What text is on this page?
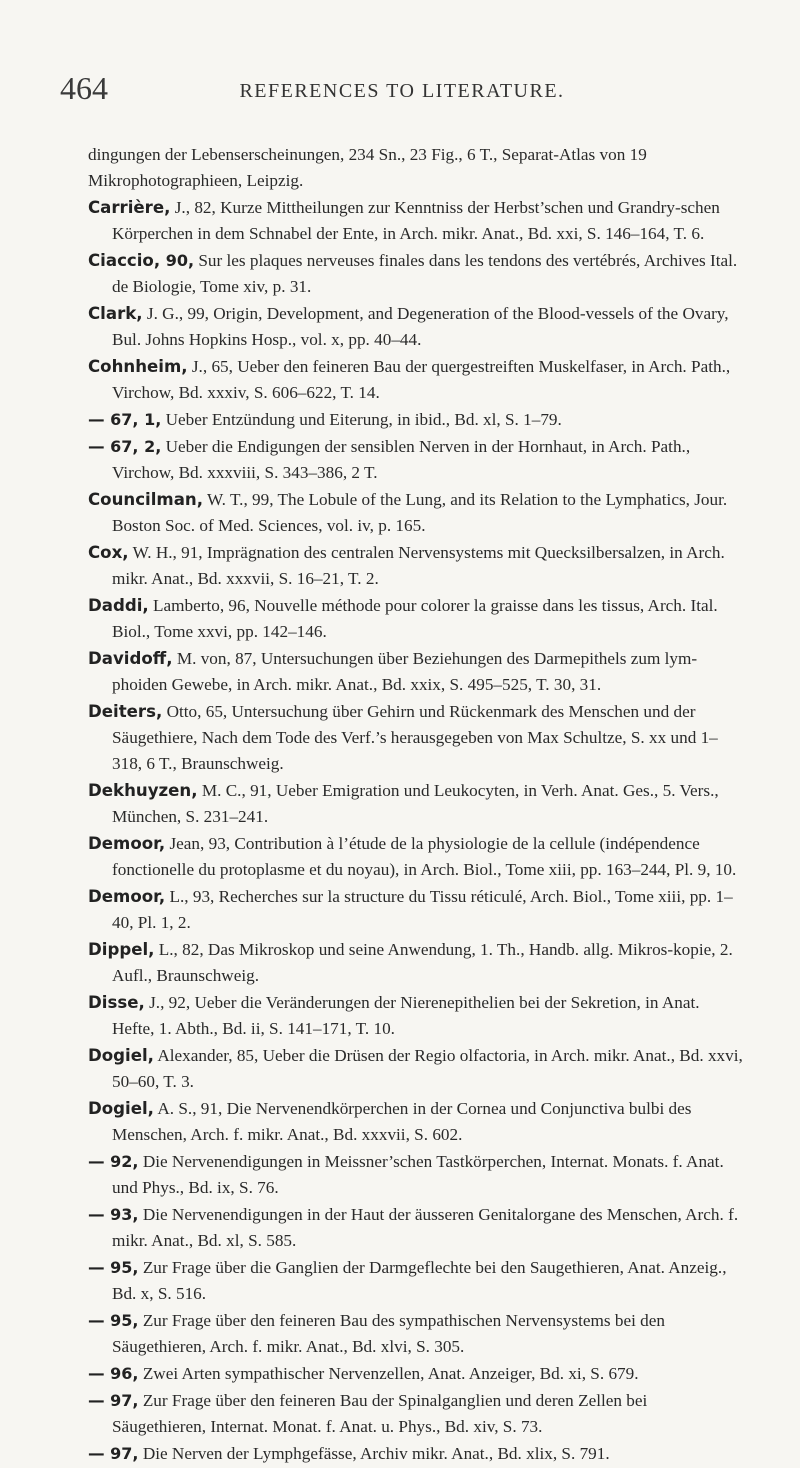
464	REFERENCES TO LITERATURE.

dingungen der Lebenserscheinungen, 234 Sn., 23 Fig., 6 T., Separat-Atlas von 19 Mikrophotographieen, Leipzig.

Carrière, J., 82, Kurze Mittheilungen zur Kenntniss der Herbst’schen und Grandry-schen Körperchen in dem Schnabel der Ente, in Arch. mikr. Anat., Bd. xxi, S. 146–164, T. 6.

Ciaccio, 90, Sur les plaques nerveuses finales dans les tendons des vertébrés, Archives Ital. de Biologie, Tome xiv, p. 31.

Clark, J. G., 99, Origin, Development, and Degeneration of the Blood-vessels of the Ovary, Bul. Johns Hopkins Hosp., vol. x, pp. 40–44.

Cohnheim, J., 65, Ueber den feineren Bau der quergestreiften Muskelfaser, in Arch. Path., Virchow, Bd. xxxiv, S. 606–622, T. 14.

— 67, 1, Ueber Entzündung und Eiterung, in ibid., Bd. xl, S. 1–79.

— 67, 2, Ueber die Endigungen der sensiblen Nerven in der Hornhaut, in Arch. Path., Virchow, Bd. xxxviii, S. 343–386, 2 T.

Councilman, W. T., 99, The Lobule of the Lung, and its Relation to the Lymphatics, Jour. Boston Soc. of Med. Sciences, vol. iv, p. 165.

Cox, W. H., 91, Imprägnation des centralen Nervensystems mit Quecksilbersalzen, in Arch. mikr. Anat., Bd. xxxvii, S. 16–21, T. 2.

Daddi, Lamberto, 96, Nouvelle méthode pour colorer la graisse dans les tissus, Arch. Ital. Biol., Tome xxvi, pp. 142–146.

Davidoff, M. von, 87, Untersuchungen über Beziehungen des Darmepithels zum lym-phoiden Gewebe, in Arch. mikr. Anat., Bd. xxix, S. 495–525, T. 30, 31.

Deiters, Otto, 65, Untersuchung über Gehirn und Rückenmark des Menschen und der Säugethiere, Nach dem Tode des Verf.’s herausgegeben von Max Schultze, S. xx und 1–318, 6 T., Braunschweig.

Dekhuyzen, M. C., 91, Ueber Emigration und Leukocyten, in Verh. Anat. Ges., 5. Vers., München, S. 231–241.

Demoor, Jean, 93, Contribution à l’étude de la physiologie de la cellule (indépendence fonctionelle du protoplasme et du noyau), in Arch. Biol., Tome xiii, pp. 163–244, Pl. 9, 10.

Demoor, L., 93, Recherches sur la structure du Tissu réticulé, Arch. Biol., Tome xiii, pp. 1–40, Pl. 1, 2.

Dippel, L., 82, Das Mikroskop und seine Anwendung, 1. Th., Handb. allg. Mikros-kopie, 2. Aufl., Braunschweig.

Disse, J., 92, Ueber die Veränderungen der Nierenepithelien bei der Sekretion, in Anat. Hefte, 1. Abth., Bd. ii, S. 141–171, T. 10.

Dogiel, Alexander, 85, Ueber die Drüsen der Regio olfactoria, in Arch. mikr. Anat., Bd. xxvi, 50–60, T. 3.

Dogiel, A. S., 91, Die Nervenendkörperchen in der Cornea und Conjunctiva bulbi des Menschen, Arch. f. mikr. Anat., Bd. xxxvii, S. 602.

— 92, Die Nervenendigungen in Meissner’schen Tastkörperchen, Internat. Monats. f. Anat. und Phys., Bd. ix, S. 76.

— 93, Die Nervenendigungen in der Haut der äusseren Genitalorgane des Menschen, Arch. f. mikr. Anat., Bd. xl, S. 585.

— 95, Zur Frage über die Ganglien der Darmgeflechte bei den Saugethieren, Anat. Anzeig., Bd. x, S. 516.

— 95, Zur Frage über den feineren Bau des sympathischen Nervensystems bei den Säugethieren, Arch. f. mikr. Anat., Bd. xlvi, S. 305.

— 96, Zwei Arten sympathischer Nervenzellen, Anat. Anzeiger, Bd. xi, S. 679.

— 97, Zur Frage über den feineren Bau der Spinalganglien und deren Zellen bei Säugethieren, Internat. Monat. f. Anat. u. Phys., Bd. xiv, S. 73.

— 97, Die Nerven der Lymphgefässe, Archiv mikr. Anat., Bd. xlix, S. 791.
